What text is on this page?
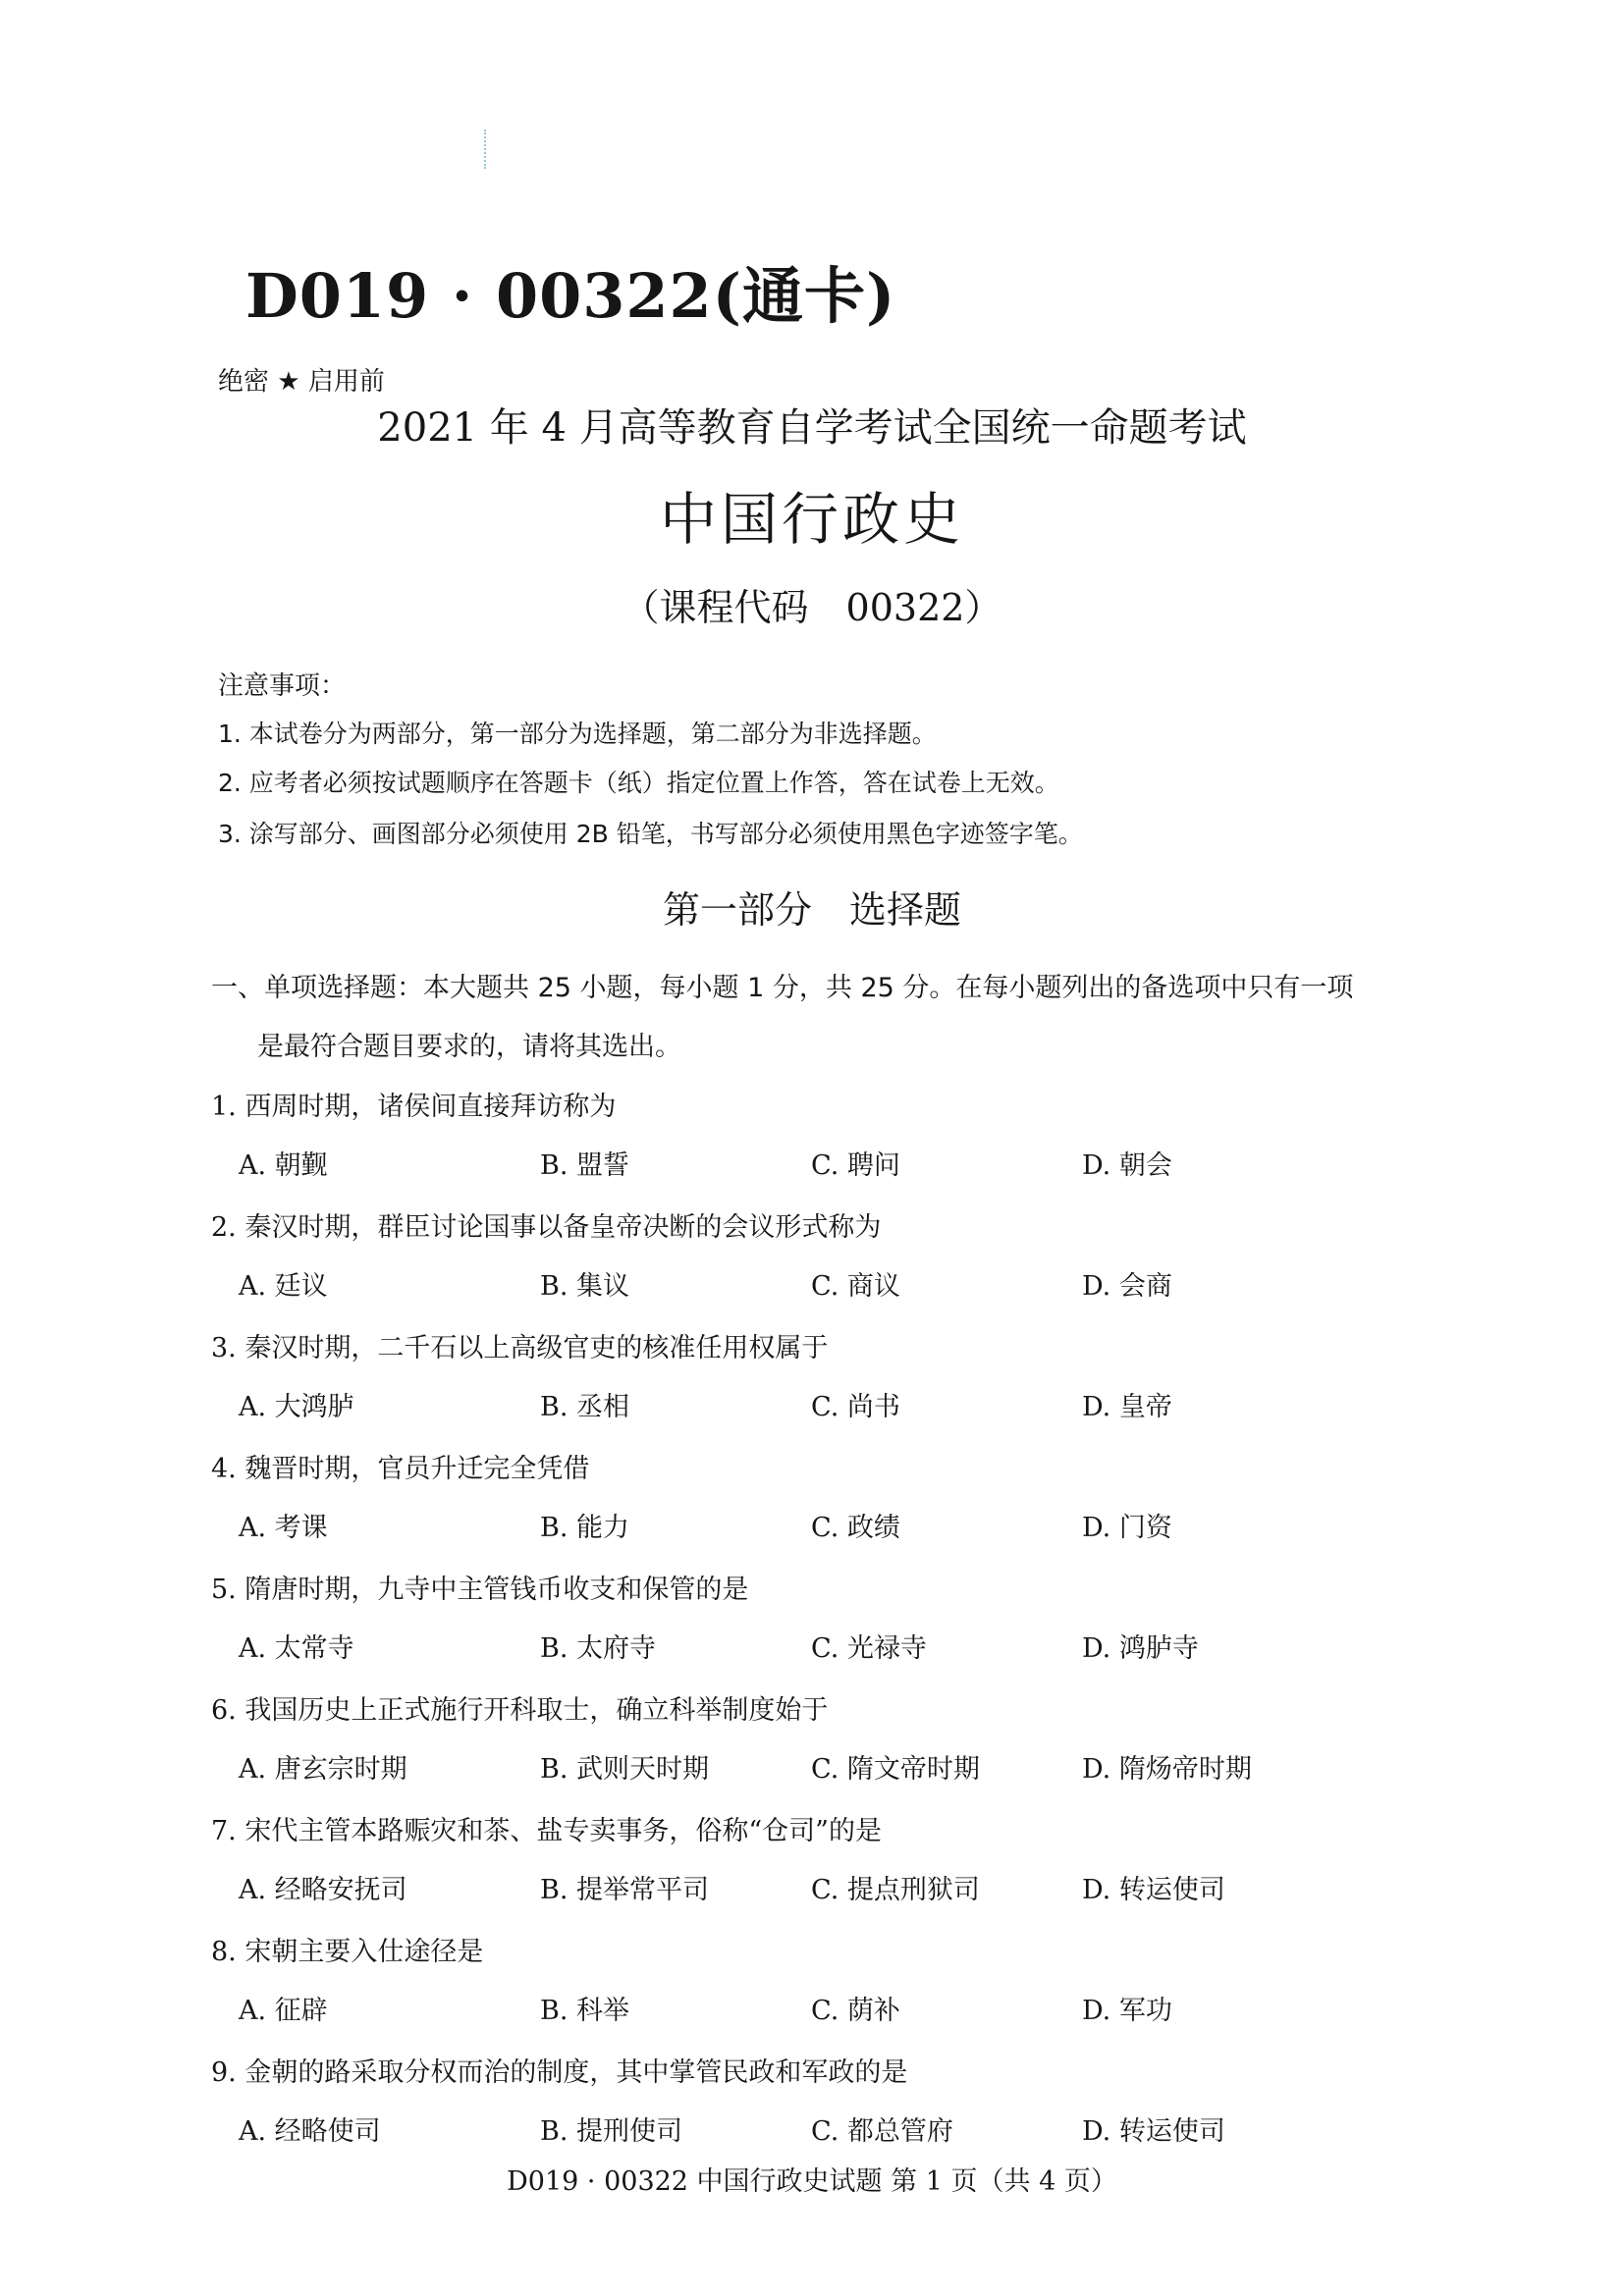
D019 · 00322(通卡)
绝密 ★ 启用前
2021 年 4 月高等教育自学考试全国统一命题考试
中国行政史
（课程代码　00322）
注意事项：
1. 本试卷分为两部分，第一部分为选择题，第二部分为非选择题。
2. 应考者必须按试题顺序在答题卡（纸）指定位置上作答，答在试卷上无效。
3. 涂写部分、画图部分必须使用 2B 铅笔，书写部分必须使用黑色字迹签字笔。
第一部分　选择题
一、单项选择题：本大题共 25 小题，每小题 1 分，共 25 分。在每小题列出的备选项中只有一项
是最符合题目要求的，请将其选出。
1. 西周时期，诸侯间直接拜访称为
A. 朝觐	B. 盟誓	C. 聘问	D. 朝会
2. 秦汉时期，群臣讨论国事以备皇帝决断的会议形式称为
A. 廷议	B. 集议	C. 商议	D. 会商
3. 秦汉时期，二千石以上高级官吏的核准任用权属于
A. 大鸿胪	B. 丞相	C. 尚书	D. 皇帝
4. 魏晋时期，官员升迁完全凭借
A. 考课	B. 能力	C. 政绩	D. 门资
5. 隋唐时期，九寺中主管钱币收支和保管的是
A. 太常寺	B. 太府寺	C. 光禄寺	D. 鸿胪寺
6. 我国历史上正式施行开科取士，确立科举制度始于
A. 唐玄宗时期	B. 武则天时期	C. 隋文帝时期	D. 隋炀帝时期
7. 宋代主管本路赈灾和茶、盐专卖事务，俗称“仓司”的是
A. 经略安抚司	B. 提举常平司	C. 提点刑狱司	D. 转运使司
8. 宋朝主要入仕途径是
A. 征辟	B. 科举	C. 荫补	D. 军功
9. 金朝的路采取分权而治的制度，其中掌管民政和军政的是
A. 经略使司	B. 提刑使司	C. 都总管府	D. 转运使司
D019 · 00322 中国行政史试题 第 1 页（共 4 页）
